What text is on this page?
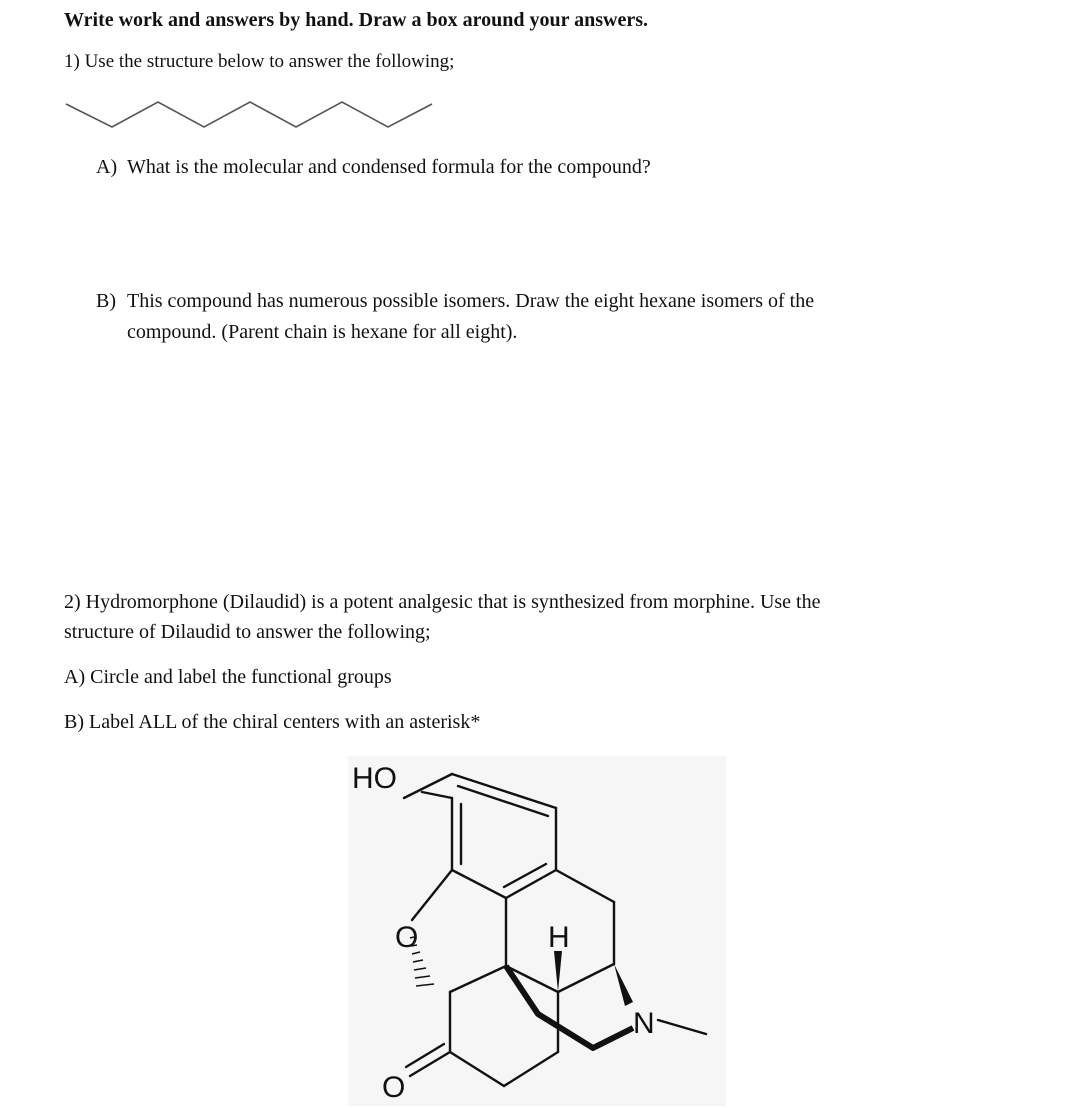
Write work and answers by hand. Draw a box around your answers.
1) Use the structure below to answer the following;
A) What is the molecular and condensed formula for the compound?
B) This compound has numerous possible isomers. Draw the eight hexane isomers of the
compound. (Parent chain is hexane for all eight).
2) Hydromorphone (Dilaudid) is a potent analgesic that is synthesized from morphine. Use the
structure of Dilaudid to answer the following;
A) Circle and label the functional groups
B) Label ALL of the chiral centers with an asterisk*
HO
O	H
N
O
